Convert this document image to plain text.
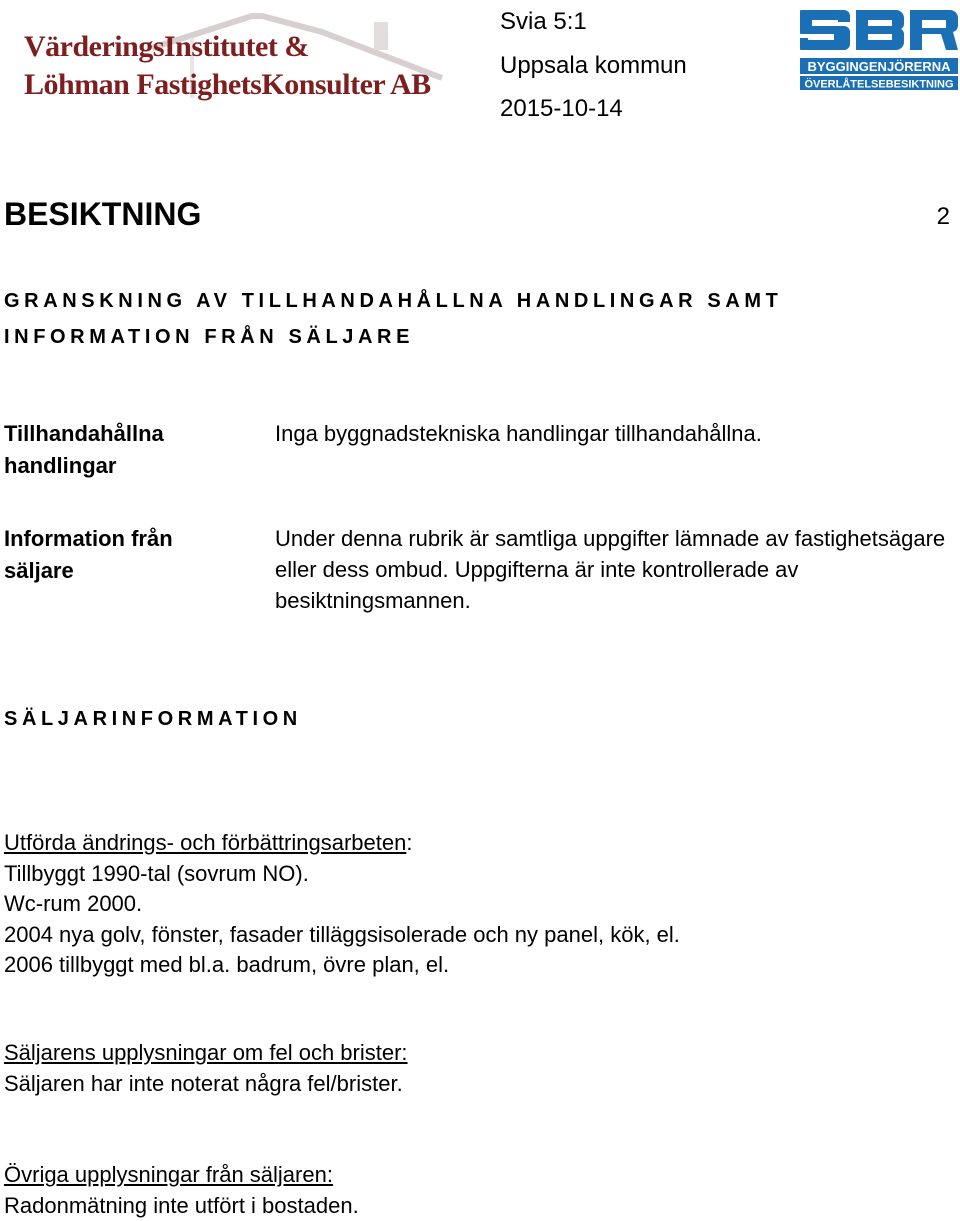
VärderingsInstitutet &
Löhman FastighetsKonsulter AB
Svia 5:1
Uppsala kommun
2015-10-14
BYGGINGENJÖRERNA
ÖVERLÅTELSEBESIKTNING
BESIKTNING	2
GRANSKNING AV TILLHANDAHÅLLNA HANDLINGAR SAMT
INFORMATION FRÅN SÄLJARE
Tillhandahållna handlingar
Inga byggnadstekniska handlingar tillhandahållna.
Information från säljare
Under denna rubrik är samtliga uppgifter lämnade av fastighetsägare eller dess ombud. Uppgifterna är inte kontrollerade av besiktningsmannen.
SÄLJARINFORMATION
Utförda ändrings- och förbättringsarbeten:
Tillbyggt 1990-tal (sovrum NO).
Wc-rum 2000.
2004 nya golv, fönster, fasader tilläggsisolerade och ny panel, kök, el.
2006 tillbyggt med bl.a. badrum, övre plan, el.
Säljarens upplysningar om fel och brister:
Säljaren har inte noterat några fel/brister.
Övriga upplysningar från säljaren:
Radonmätning inte utfört i bostaden.
